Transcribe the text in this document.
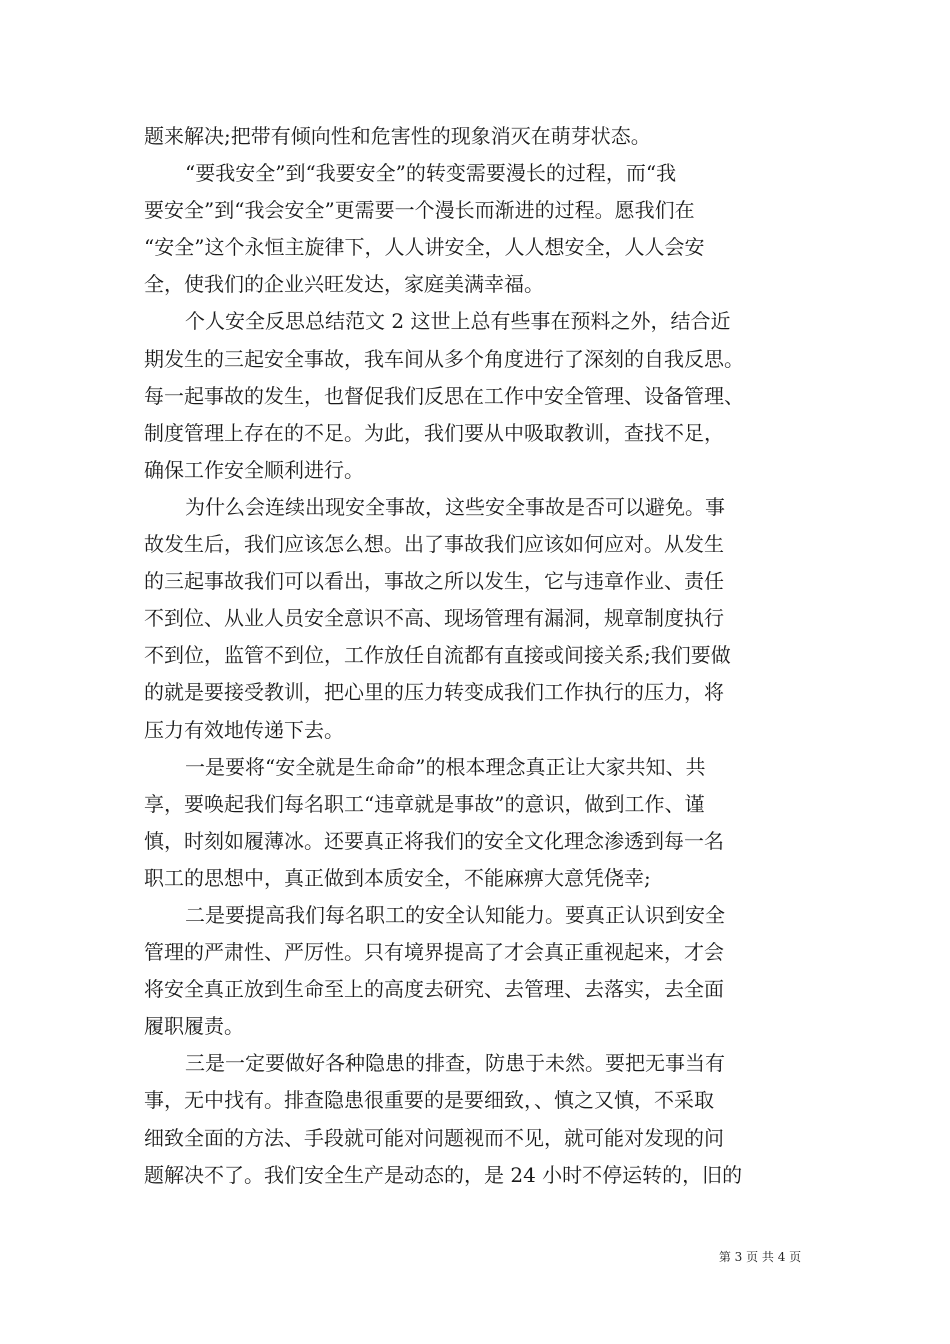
题来解决;把带有倾向性和危害性的现象消灭在萌芽状态。
“要我安全”到“我要安全”的转变需要漫长的过程，而“我
要安全”到“我会安全”更需要一个漫长而渐进的过程。愿我们在
“安全”这个永恒主旋律下，人人讲安全，人人想安全，人人会安
全，使我们的企业兴旺发达，家庭美满幸福。
个人安全反思总结范文 2 这世上总有些事在预料之外，结合近
期发生的三起安全事故，我车间从多个角度进行了深刻的自我反思。
每一起事故的发生，也督促我们反思在工作中安全管理、设备管理、
制度管理上存在的不足。为此，我们要从中吸取教训，查找不足，
确保工作安全顺利进行。
为什么会连续出现安全事故，这些安全事故是否可以避免。事
故发生后，我们应该怎么想。出了事故我们应该如何应对。从发生
的三起事故我们可以看出，事故之所以发生，它与违章作业、责任
不到位、从业人员安全意识不高、现场管理有漏洞，规章制度执行
不到位，监管不到位，工作放任自流都有直接或间接关系;我们要做
的就是要接受教训，把心里的压力转变成我们工作执行的压力，将
压力有效地传递下去。
一是要将“安全就是生命命”的根本理念真正让大家共知、共
享，要唤起我们每名职工“违章就是事故”的意识，做到工作、谨
慎，时刻如履薄冰。还要真正将我们的安全文化理念渗透到每一名
职工的思想中，真正做到本质安全，不能麻痹大意凭侥幸;
二是要提高我们每名职工的安全认知能力。要真正认识到安全
管理的严肃性、严厉性。只有境界提高了才会真正重视起来，才会
将安全真正放到生命至上的高度去研究、去管理、去落实，去全面
履职履责。
三是一定要做好各种隐患的排查，防患于未然。要把无事当有
事，无中找有。排查隐患很重要的是要细致，、慎之又慎，不采取
细致全面的方法、手段就可能对问题视而不见，就可能对发现的问
题解决不了。我们安全生产是动态的，是 24 小时不停运转的，旧的
第 3 页 共 4 页
